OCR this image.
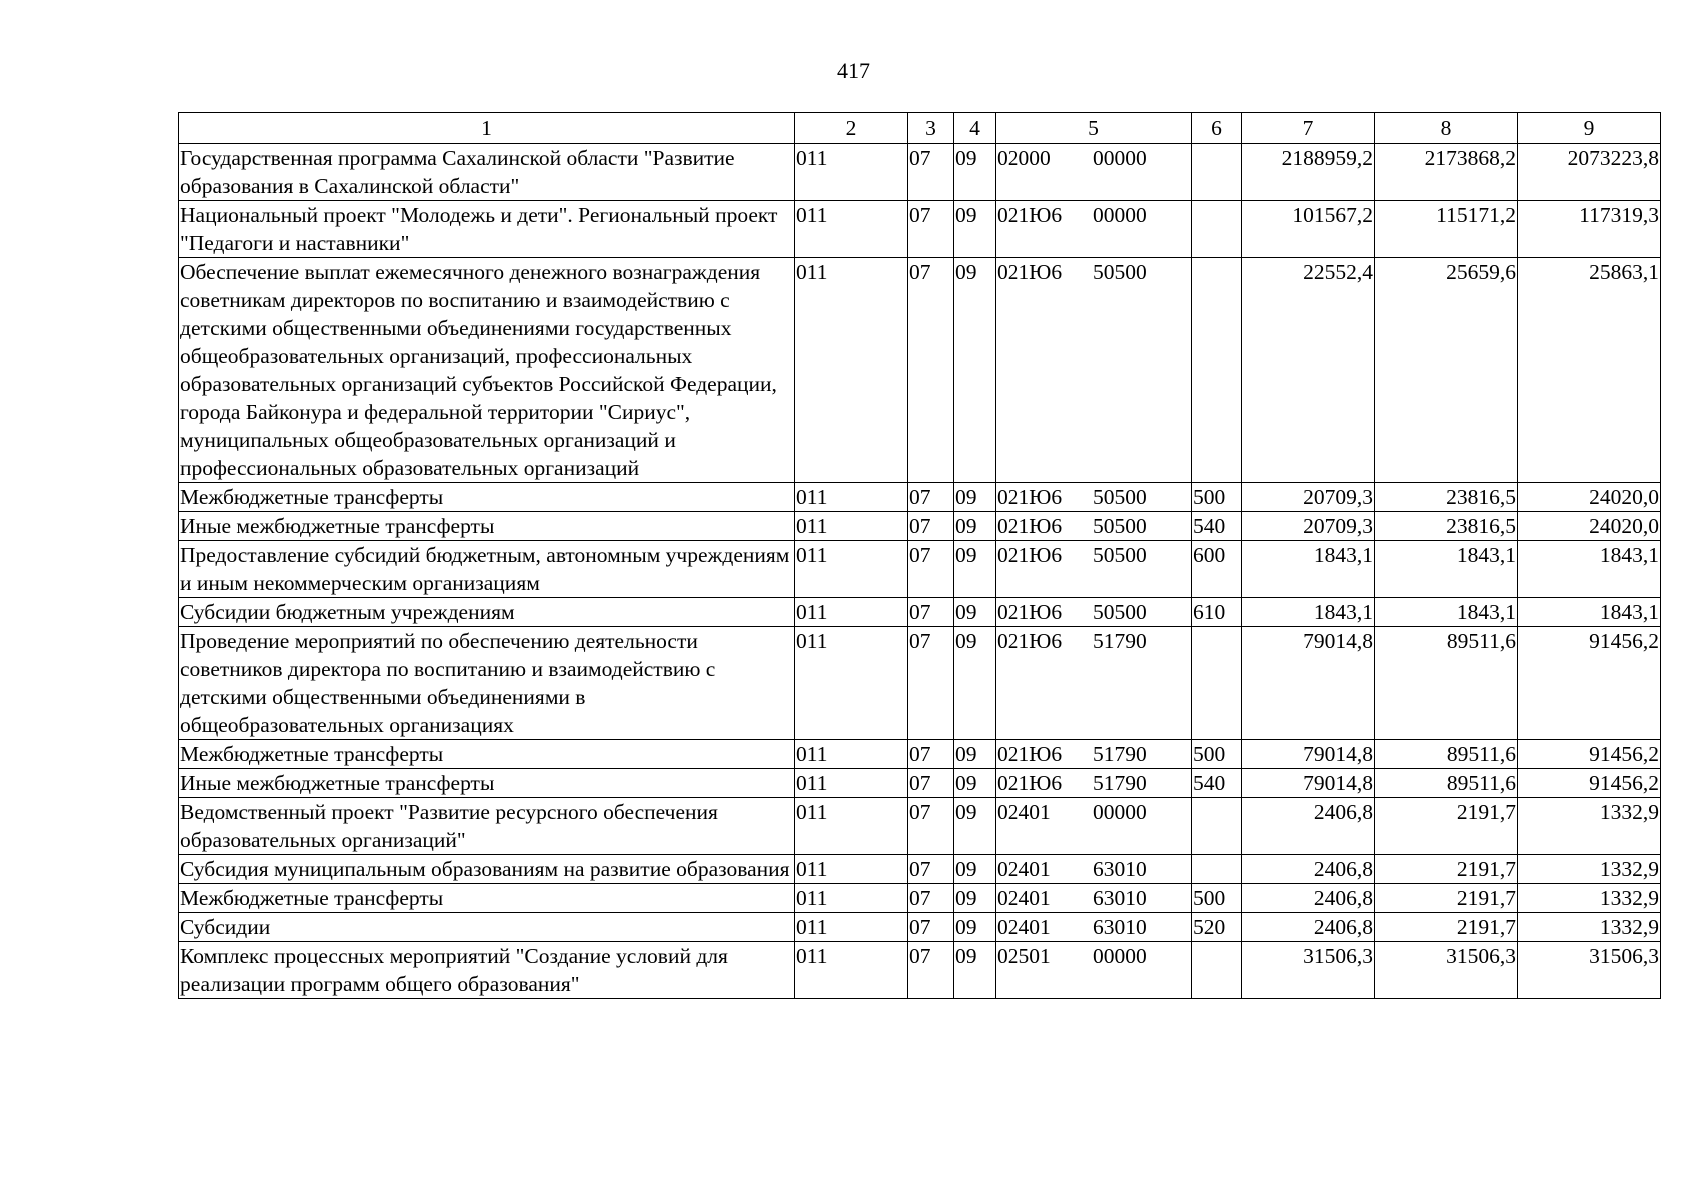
417
1	2	3	4	5	6	7	8	9
Государственная программа Сахалинской области "Развитие образования в Сахалинской области"	011	07	09	02000 00000		2188959,2	2173868,2	2073223,8
Национальный проект "Молодежь и дети". Региональный проект "Педагоги и наставники"	011	07	09	021Ю6 00000		101567,2	115171,2	117319,3
Обеспечение выплат ежемесячного денежного вознаграждения советникам директоров по воспитанию и взаимодействию с детскими общественными объединениями государственных общеобразовательных организаций, профессиональных образовательных организаций субъектов Российской Федерации, города Байконура и федеральной территории "Сириус", муниципальных общеобразовательных организаций и профессиональных образовательных организаций	011	07	09	021Ю6 50500		22552,4	25659,6	25863,1
Межбюджетные трансферты	011	07	09	021Ю6 50500	500	20709,3	23816,5	24020,0
Иные межбюджетные трансферты	011	07	09	021Ю6 50500	540	20709,3	23816,5	24020,0
Предоставление субсидий бюджетным, автономным учреждениям и иным некоммерческим организациям	011	07	09	021Ю6 50500	600	1843,1	1843,1	1843,1
Субсидии бюджетным учреждениям	011	07	09	021Ю6 50500	610	1843,1	1843,1	1843,1
Проведение мероприятий по обеспечению деятельности советников директора по воспитанию и взаимодействию с детскими общественными объединениями в общеобразовательных организациях	011	07	09	021Ю6 51790		79014,8	89511,6	91456,2
Межбюджетные трансферты	011	07	09	021Ю6 51790	500	79014,8	89511,6	91456,2
Иные межбюджетные трансферты	011	07	09	021Ю6 51790	540	79014,8	89511,6	91456,2
Ведомственный проект "Развитие ресурсного обеспечения образовательных организаций"	011	07	09	02401 00000		2406,8	2191,7	1332,9
Субсидия муниципальным образованиям на развитие образования	011	07	09	02401 63010		2406,8	2191,7	1332,9
Межбюджетные трансферты	011	07	09	02401 63010	500	2406,8	2191,7	1332,9
Субсидии	011	07	09	02401 63010	520	2406,8	2191,7	1332,9
Комплекс процессных мероприятий "Создание условий для реализации программ общего образования"	011	07	09	02501 00000		31506,3	31506,3	31506,3
